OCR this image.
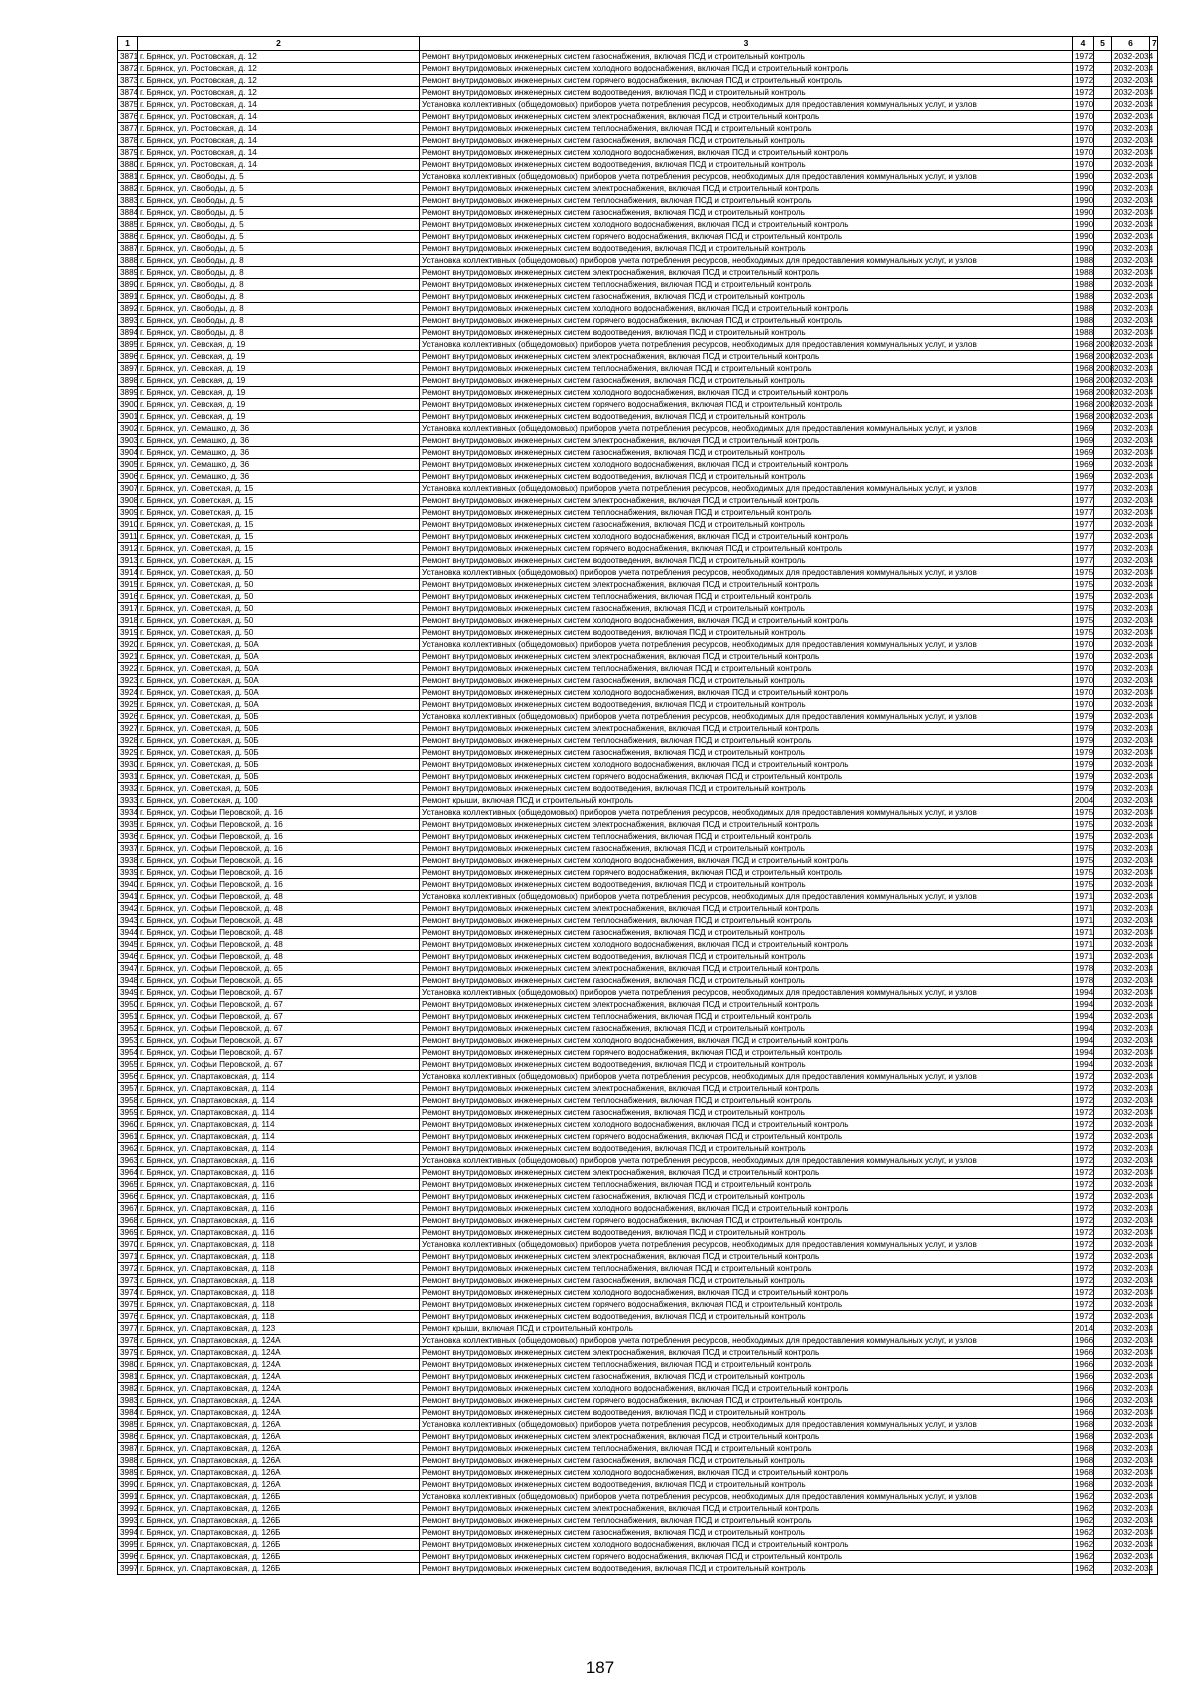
1	2	3	4	5	6	7
3871	г. Брянск, ул. Ростовская, д. 12	Ремонт внутридомовых инженерных систем газоснабжения, включая ПСД и строительный контроль	1972		2032-2034	
3872	г. Брянск, ул. Ростовская, д. 12	Ремонт внутридомовых инженерных систем холодного водоснабжения, включая ПСД и строительный контроль	1972		2032-2034	
3873	г. Брянск, ул. Ростовская, д. 12	Ремонт внутридомовых инженерных систем горячего водоснабжения, включая ПСД и строительный контроль	1972		2032-2034	
3874	г. Брянск, ул. Ростовская, д. 12	Ремонт внутридомовых инженерных систем водоотведения, включая ПСД и строительный контроль	1972		2032-2034	
3875	г. Брянск, ул. Ростовская, д. 14	Установка коллективных (общедомовых) приборов учета потребления ресурсов, необходимых для предоставления коммунальных услуг, и узлов	1970		2032-2034	
3876	г. Брянск, ул. Ростовская, д. 14	Ремонт внутридомовых инженерных систем электроснабжения, включая ПСД и строительный контроль	1970		2032-2034	
3877	г. Брянск, ул. Ростовская, д. 14	Ремонт внутридомовых инженерных систем теплоснабжения, включая ПСД и строительный контроль	1970		2032-2034	
3878	г. Брянск, ул. Ростовская, д. 14	Ремонт внутридомовых инженерных систем газоснабжения, включая ПСД и строительный контроль	1970		2032-2034	
3879	г. Брянск, ул. Ростовская, д. 14	Ремонт внутридомовых инженерных систем холодного водоснабжения, включая ПСД и строительный контроль	1970		2032-2034	
3880	г. Брянск, ул. Ростовская, д. 14	Ремонт внутридомовых инженерных систем водоотведения, включая ПСД и строительный контроль	1970		2032-2034	
3881	г. Брянск, ул. Свободы, д. 5	Установка коллективных (общедомовых) приборов учета потребления ресурсов, необходимых для предоставления коммунальных услуг, и узлов	1990		2032-2034	
3882	г. Брянск, ул. Свободы, д. 5	Ремонт внутридомовых инженерных систем электроснабжения, включая ПСД и строительный контроль	1990		2032-2034	
3883	г. Брянск, ул. Свободы, д. 5	Ремонт внутридомовых инженерных систем теплоснабжения, включая ПСД и строительный контроль	1990		2032-2034	
3884	г. Брянск, ул. Свободы, д. 5	Ремонт внутридомовых инженерных систем газоснабжения, включая ПСД и строительный контроль	1990		2032-2034	
3885	г. Брянск, ул. Свободы, д. 5	Ремонт внутридомовых инженерных систем холодного водоснабжения, включая ПСД и строительный контроль	1990		2032-2034	
3886	г. Брянск, ул. Свободы, д. 5	Ремонт внутридомовых инженерных систем горячего водоснабжения, включая ПСД и строительный контроль	1990		2032-2034	
3887	г. Брянск, ул. Свободы, д. 5	Ремонт внутридомовых инженерных систем водоотведения, включая ПСД и строительный контроль	1990		2032-2034	
3888	г. Брянск, ул. Свободы, д. 8	Установка коллективных (общедомовых) приборов учета потребления ресурсов, необходимых для предоставления коммунальных услуг, и узлов	1988		2032-2034	
3889	г. Брянск, ул. Свободы, д. 8	Ремонт внутридомовых инженерных систем электроснабжения, включая ПСД и строительный контроль	1988		2032-2034	
3890	г. Брянск, ул. Свободы, д. 8	Ремонт внутридомовых инженерных систем теплоснабжения, включая ПСД и строительный контроль	1988		2032-2034	
3891	г. Брянск, ул. Свободы, д. 8	Ремонт внутридомовых инженерных систем газоснабжения, включая ПСД и строительный контроль	1988		2032-2034	
3892	г. Брянск, ул. Свободы, д. 8	Ремонт внутридомовых инженерных систем холодного водоснабжения, включая ПСД и строительный контроль	1988		2032-2034	
3893	г. Брянск, ул. Свободы, д. 8	Ремонт внутридомовых инженерных систем горячего водоснабжения, включая ПСД и строительный контроль	1988		2032-2034	
3894	г. Брянск, ул. Свободы, д. 8	Ремонт внутридомовых инженерных систем водоотведения, включая ПСД и строительный контроль	1988		2032-2034	
3895	г. Брянск, ул. Севская, д. 19	Установка коллективных (общедомовых) приборов учета потребления ресурсов, необходимых для предоставления коммунальных услуг, и узлов	1968	2008	2032-2034	
3896	г. Брянск, ул. Севская, д. 19	Ремонт внутридомовых инженерных систем электроснабжения, включая ПСД и строительный контроль	1968	2008	2032-2034	
3897	г. Брянск, ул. Севская, д. 19	Ремонт внутридомовых инженерных систем теплоснабжения, включая ПСД и строительный контроль	1968	2008	2032-2034	
3898	г. Брянск, ул. Севская, д. 19	Ремонт внутридомовых инженерных систем газоснабжения, включая ПСД и строительный контроль	1968	2008	2032-2034	
3899	г. Брянск, ул. Севская, д. 19	Ремонт внутридомовых инженерных систем холодного водоснабжения, включая ПСД и строительный контроль	1968	2008	2032-2034	
3900	г. Брянск, ул. Севская, д. 19	Ремонт внутридомовых инженерных систем горячего водоснабжения, включая ПСД и строительный контроль	1968	2008	2032-2034	
3901	г. Брянск, ул. Севская, д. 19	Ремонт внутридомовых инженерных систем водоотведения, включая ПСД и строительный контроль	1968	2008	2032-2034	
3902	г. Брянск, ул. Семашко, д. 36	Установка коллективных (общедомовых) приборов учета потребления ресурсов, необходимых для предоставления коммунальных услуг, и узлов	1969		2032-2034	
3903	г. Брянск, ул. Семашко, д. 36	Ремонт внутридомовых инженерных систем электроснабжения, включая ПСД и строительный контроль	1969		2032-2034	
3904	г. Брянск, ул. Семашко, д. 36	Ремонт внутридомовых инженерных систем газоснабжения, включая ПСД и строительный контроль	1969		2032-2034	
3905	г. Брянск, ул. Семашко, д. 36	Ремонт внутридомовых инженерных систем холодного водоснабжения, включая ПСД и строительный контроль	1969		2032-2034	
3906	г. Брянск, ул. Семашко, д. 36	Ремонт внутридомовых инженерных систем водоотведения, включая ПСД и строительный контроль	1969		2032-2034	
3907	г. Брянск, ул. Советская, д. 15	Установка коллективных (общедомовых) приборов учета потребления ресурсов, необходимых для предоставления коммунальных услуг, и узлов	1977		2032-2034	
3908	г. Брянск, ул. Советская, д. 15	Ремонт внутридомовых инженерных систем электроснабжения, включая ПСД и строительный контроль	1977		2032-2034	
3909	г. Брянск, ул. Советская, д. 15	Ремонт внутридомовых инженерных систем теплоснабжения, включая ПСД и строительный контроль	1977		2032-2034	
3910	г. Брянск, ул. Советская, д. 15	Ремонт внутридомовых инженерных систем газоснабжения, включая ПСД и строительный контроль	1977		2032-2034	
3911	г. Брянск, ул. Советская, д. 15	Ремонт внутридомовых инженерных систем холодного водоснабжения, включая ПСД и строительный контроль	1977		2032-2034	
3912	г. Брянск, ул. Советская, д. 15	Ремонт внутридомовых инженерных систем горячего водоснабжения, включая ПСД и строительный контроль	1977		2032-2034	
3913	г. Брянск, ул. Советская, д. 15	Ремонт внутридомовых инженерных систем водоотведения, включая ПСД и строительный контроль	1977		2032-2034	
3914	г. Брянск, ул. Советская, д. 50	Установка коллективных (общедомовых) приборов учета потребления ресурсов, необходимых для предоставления коммунальных услуг, и узлов	1975		2032-2034	
3915	г. Брянск, ул. Советская, д. 50	Ремонт внутридомовых инженерных систем электроснабжения, включая ПСД и строительный контроль	1975		2032-2034	
3916	г. Брянск, ул. Советская, д. 50	Ремонт внутридомовых инженерных систем теплоснабжения, включая ПСД и строительный контроль	1975		2032-2034	
3917	г. Брянск, ул. Советская, д. 50	Ремонт внутридомовых инженерных систем газоснабжения, включая ПСД и строительный контроль	1975		2032-2034	
3918	г. Брянск, ул. Советская, д. 50	Ремонт внутридомовых инженерных систем холодного водоснабжения, включая ПСД и строительный контроль	1975		2032-2034	
3919	г. Брянск, ул. Советская, д. 50	Ремонт внутридомовых инженерных систем водоотведения, включая ПСД и строительный контроль	1975		2032-2034	
3920	г. Брянск, ул. Советская, д. 50А	Установка коллективных (общедомовых) приборов учета потребления ресурсов, необходимых для предоставления коммунальных услуг, и узлов	1970		2032-2034	
3921	г. Брянск, ул. Советская, д. 50А	Ремонт внутридомовых инженерных систем электроснабжения, включая ПСД и строительный контроль	1970		2032-2034	
3922	г. Брянск, ул. Советская, д. 50А	Ремонт внутридомовых инженерных систем теплоснабжения, включая ПСД и строительный контроль	1970		2032-2034	
3923	г. Брянск, ул. Советская, д. 50А	Ремонт внутридомовых инженерных систем газоснабжения, включая ПСД и строительный контроль	1970		2032-2034	
3924	г. Брянск, ул. Советская, д. 50А	Ремонт внутридомовых инженерных систем холодного водоснабжения, включая ПСД и строительный контроль	1970		2032-2034	
3925	г. Брянск, ул. Советская, д. 50А	Ремонт внутридомовых инженерных систем водоотведения, включая ПСД и строительный контроль	1970		2032-2034	
3926	г. Брянск, ул. Советская, д. 50Б	Установка коллективных (общедомовых) приборов учета потребления ресурсов, необходимых для предоставления коммунальных услуг, и узлов	1979		2032-2034	
3927	г. Брянск, ул. Советская, д. 50Б	Ремонт внутридомовых инженерных систем электроснабжения, включая ПСД и строительный контроль	1979		2032-2034	
3928	г. Брянск, ул. Советская, д. 50Б	Ремонт внутридомовых инженерных систем теплоснабжения, включая ПСД и строительный контроль	1979		2032-2034	
3929	г. Брянск, ул. Советская, д. 50Б	Ремонт внутридомовых инженерных систем газоснабжения, включая ПСД и строительный контроль	1979		2032-2034	
3930	г. Брянск, ул. Советская, д. 50Б	Ремонт внутридомовых инженерных систем холодного водоснабжения, включая ПСД и строительный контроль	1979		2032-2034	
3931	г. Брянск, ул. Советская, д. 50Б	Ремонт внутридомовых инженерных систем горячего водоснабжения, включая ПСД и строительный контроль	1979		2032-2034	
3932	г. Брянск, ул. Советская, д. 50Б	Ремонт внутридомовых инженерных систем водоотведения, включая ПСД и строительный контроль	1979		2032-2034	
3933	г. Брянск, ул. Советская, д. 100	Ремонт крыши, включая ПСД и строительный контроль	2004		2032-2034	
3934	г. Брянск, ул. Софьи Перовской, д. 16	Установка коллективных (общедомовых) приборов учета потребления ресурсов, необходимых для предоставления коммунальных услуг, и узлов	1975		2032-2034	
3935	г. Брянск, ул. Софьи Перовской, д. 16	Ремонт внутридомовых инженерных систем электроснабжения, включая ПСД и строительный контроль	1975		2032-2034	
3936	г. Брянск, ул. Софьи Перовской, д. 16	Ремонт внутридомовых инженерных систем теплоснабжения, включая ПСД и строительный контроль	1975		2032-2034	
3937	г. Брянск, ул. Софьи Перовской, д. 16	Ремонт внутридомовых инженерных систем газоснабжения, включая ПСД и строительный контроль	1975		2032-2034	
3938	г. Брянск, ул. Софьи Перовской, д. 16	Ремонт внутридомовых инженерных систем холодного водоснабжения, включая ПСД и строительный контроль	1975		2032-2034	
3939	г. Брянск, ул. Софьи Перовской, д. 16	Ремонт внутридомовых инженерных систем горячего водоснабжения, включая ПСД и строительный контроль	1975		2032-2034	
3940	г. Брянск, ул. Софьи Перовской, д. 16	Ремонт внутридомовых инженерных систем водоотведения, включая ПСД и строительный контроль	1975		2032-2034	
3941	г. Брянск, ул. Софьи Перовской, д. 48	Установка коллективных (общедомовых) приборов учета потребления ресурсов, необходимых для предоставления коммунальных услуг, и узлов	1971		2032-2034	
3942	г. Брянск, ул. Софьи Перовской, д. 48	Ремонт внутридомовых инженерных систем электроснабжения, включая ПСД и строительный контроль	1971		2032-2034	
3943	г. Брянск, ул. Софьи Перовской, д. 48	Ремонт внутридомовых инженерных систем теплоснабжения, включая ПСД и строительный контроль	1971		2032-2034	
3944	г. Брянск, ул. Софьи Перовской, д. 48	Ремонт внутридомовых инженерных систем газоснабжения, включая ПСД и строительный контроль	1971		2032-2034	
3945	г. Брянск, ул. Софьи Перовской, д. 48	Ремонт внутридомовых инженерных систем холодного водоснабжения, включая ПСД и строительный контроль	1971		2032-2034	
3946	г. Брянск, ул. Софьи Перовской, д. 48	Ремонт внутридомовых инженерных систем водоотведения, включая ПСД и строительный контроль	1971		2032-2034	
3947	г. Брянск, ул. Софьи Перовской, д. 65	Ремонт внутридомовых инженерных систем электроснабжения, включая ПСД и строительный контроль	1978		2032-2034	
3948	г. Брянск, ул. Софьи Перовской, д. 65	Ремонт внутридомовых инженерных систем газоснабжения, включая ПСД и строительный контроль	1978		2032-2034	
3949	г. Брянск, ул. Софьи Перовской, д. 67	Установка коллективных (общедомовых) приборов учета потребления ресурсов, необходимых для предоставления коммунальных услуг, и узлов	1994		2032-2034	
3950	г. Брянск, ул. Софьи Перовской, д. 67	Ремонт внутридомовых инженерных систем электроснабжения, включая ПСД и строительный контроль	1994		2032-2034	
3951	г. Брянск, ул. Софьи Перовской, д. 67	Ремонт внутридомовых инженерных систем теплоснабжения, включая ПСД и строительный контроль	1994		2032-2034	
3952	г. Брянск, ул. Софьи Перовской, д. 67	Ремонт внутридомовых инженерных систем газоснабжения, включая ПСД и строительный контроль	1994		2032-2034	
3953	г. Брянск, ул. Софьи Перовской, д. 67	Ремонт внутридомовых инженерных систем холодного водоснабжения, включая ПСД и строительный контроль	1994		2032-2034	
3954	г. Брянск, ул. Софьи Перовской, д. 67	Ремонт внутридомовых инженерных систем горячего водоснабжения, включая ПСД и строительный контроль	1994		2032-2034	
3955	г. Брянск, ул. Софьи Перовской, д. 67	Ремонт внутридомовых инженерных систем водоотведения, включая ПСД и строительный контроль	1994		2032-2034	
3956	г. Брянск, ул. Спартаковская, д. 114	Установка коллективных (общедомовых) приборов учета потребления ресурсов, необходимых для предоставления коммунальных услуг, и узлов	1972		2032-2034	
3957	г. Брянск, ул. Спартаковская, д. 114	Ремонт внутридомовых инженерных систем электроснабжения, включая ПСД и строительный контроль	1972		2032-2034	
3958	г. Брянск, ул. Спартаковская, д. 114	Ремонт внутридомовых инженерных систем теплоснабжения, включая ПСД и строительный контроль	1972		2032-2034	
3959	г. Брянск, ул. Спартаковская, д. 114	Ремонт внутридомовых инженерных систем газоснабжения, включая ПСД и строительный контроль	1972		2032-2034	
3960	г. Брянск, ул. Спартаковская, д. 114	Ремонт внутридомовых инженерных систем холодного водоснабжения, включая ПСД и строительный контроль	1972		2032-2034	
3961	г. Брянск, ул. Спартаковская, д. 114	Ремонт внутридомовых инженерных систем горячего водоснабжения, включая ПСД и строительный контроль	1972		2032-2034	
3962	г. Брянск, ул. Спартаковская, д. 114	Ремонт внутридомовых инженерных систем водоотведения, включая ПСД и строительный контроль	1972		2032-2034	
3963	г. Брянск, ул. Спартаковская, д. 116	Установка коллективных (общедомовых) приборов учета потребления ресурсов, необходимых для предоставления коммунальных услуг, и узлов	1972		2032-2034	
3964	г. Брянск, ул. Спартаковская, д. 116	Ремонт внутридомовых инженерных систем электроснабжения, включая ПСД и строительный контроль	1972		2032-2034	
3965	г. Брянск, ул. Спартаковская, д. 116	Ремонт внутридомовых инженерных систем теплоснабжения, включая ПСД и строительный контроль	1972		2032-2034	
3966	г. Брянск, ул. Спартаковская, д. 116	Ремонт внутридомовых инженерных систем газоснабжения, включая ПСД и строительный контроль	1972		2032-2034	
3967	г. Брянск, ул. Спартаковская, д. 116	Ремонт внутридомовых инженерных систем холодного водоснабжения, включая ПСД и строительный контроль	1972		2032-2034	
3968	г. Брянск, ул. Спартаковская, д. 116	Ремонт внутридомовых инженерных систем горячего водоснабжения, включая ПСД и строительный контроль	1972		2032-2034	
3969	г. Брянск, ул. Спартаковская, д. 116	Ремонт внутридомовых инженерных систем водоотведения, включая ПСД и строительный контроль	1972		2032-2034	
3970	г. Брянск, ул. Спартаковская, д. 118	Установка коллективных (общедомовых) приборов учета потребления ресурсов, необходимых для предоставления коммунальных услуг, и узлов	1972		2032-2034	
3971	г. Брянск, ул. Спартаковская, д. 118	Ремонт внутридомовых инженерных систем электроснабжения, включая ПСД и строительный контроль	1972		2032-2034	
3972	г. Брянск, ул. Спартаковская, д. 118	Ремонт внутридомовых инженерных систем теплоснабжения, включая ПСД и строительный контроль	1972		2032-2034	
3973	г. Брянск, ул. Спартаковская, д. 118	Ремонт внутридомовых инженерных систем газоснабжения, включая ПСД и строительный контроль	1972		2032-2034	
3974	г. Брянск, ул. Спартаковская, д. 118	Ремонт внутридомовых инженерных систем холодного водоснабжения, включая ПСД и строительный контроль	1972		2032-2034	
3975	г. Брянск, ул. Спартаковская, д. 118	Ремонт внутридомовых инженерных систем горячего водоснабжения, включая ПСД и строительный контроль	1972		2032-2034	
3976	г. Брянск, ул. Спартаковская, д. 118	Ремонт внутридомовых инженерных систем водоотведения, включая ПСД и строительный контроль	1972		2032-2034	
3977	г. Брянск, ул. Спартаковская, д. 123	Ремонт крыши, включая ПСД и строительный контроль	2014		2032-2034	
3978	г. Брянск, ул. Спартаковская, д. 124А	Установка коллективных (общедомовых) приборов учета потребления ресурсов, необходимых для предоставления коммунальных услуг, и узлов	1966		2032-2034	
3979	г. Брянск, ул. Спартаковская, д. 124А	Ремонт внутридомовых инженерных систем электроснабжения, включая ПСД и строительный контроль	1966		2032-2034	
3980	г. Брянск, ул. Спартаковская, д. 124А	Ремонт внутридомовых инженерных систем теплоснабжения, включая ПСД и строительный контроль	1966		2032-2034	
3981	г. Брянск, ул. Спартаковская, д. 124А	Ремонт внутридомовых инженерных систем газоснабжения, включая ПСД и строительный контроль	1966		2032-2034	
3982	г. Брянск, ул. Спартаковская, д. 124А	Ремонт внутридомовых инженерных систем холодного водоснабжения, включая ПСД и строительный контроль	1966		2032-2034	
3983	г. Брянск, ул. Спартаковская, д. 124А	Ремонт внутридомовых инженерных систем горячего водоснабжения, включая ПСД и строительный контроль	1966		2032-2034	
3984	г. Брянск, ул. Спартаковская, д. 124А	Ремонт внутридомовых инженерных систем водоотведения, включая ПСД и строительный контроль	1966		2032-2034	
3985	г. Брянск, ул. Спартаковская, д. 126А	Установка коллективных (общедомовых) приборов учета потребления ресурсов, необходимых для предоставления коммунальных услуг, и узлов	1968		2032-2034	
3986	г. Брянск, ул. Спартаковская, д. 126А	Ремонт внутридомовых инженерных систем электроснабжения, включая ПСД и строительный контроль	1968		2032-2034	
3987	г. Брянск, ул. Спартаковская, д. 126А	Ремонт внутридомовых инженерных систем теплоснабжения, включая ПСД и строительный контроль	1968		2032-2034	
3988	г. Брянск, ул. Спартаковская, д. 126А	Ремонт внутридомовых инженерных систем газоснабжения, включая ПСД и строительный контроль	1968		2032-2034	
3989	г. Брянск, ул. Спартаковская, д. 126А	Ремонт внутридомовых инженерных систем холодного водоснабжения, включая ПСД и строительный контроль	1968		2032-2034	
3990	г. Брянск, ул. Спартаковская, д. 126А	Ремонт внутридомовых инженерных систем водоотведения, включая ПСД и строительный контроль	1968		2032-2034	
3991	г. Брянск, ул. Спартаковская, д. 126Б	Установка коллективных (общедомовых) приборов учета потребления ресурсов, необходимых для предоставления коммунальных услуг, и узлов	1962		2032-2034	
3992	г. Брянск, ул. Спартаковская, д. 126Б	Ремонт внутридомовых инженерных систем электроснабжения, включая ПСД и строительный контроль	1962		2032-2034	
3993	г. Брянск, ул. Спартаковская, д. 126Б	Ремонт внутридомовых инженерных систем теплоснабжения, включая ПСД и строительный контроль	1962		2032-2034	
3994	г. Брянск, ул. Спартаковская, д. 126Б	Ремонт внутридомовых инженерных систем газоснабжения, включая ПСД и строительный контроль	1962		2032-2034	
3995	г. Брянск, ул. Спартаковская, д. 126Б	Ремонт внутридомовых инженерных систем холодного водоснабжения, включая ПСД и строительный контроль	1962		2032-2034	
3996	г. Брянск, ул. Спартаковская, д. 126Б	Ремонт внутридомовых инженерных систем горячего водоснабжения, включая ПСД и строительный контроль	1962		2032-2034	
3997	г. Брянск, ул. Спартаковская, д. 126Б	Ремонт внутридомовых инженерных систем водоотведения, включая ПСД и строительный контроль	1962		2032-2034	
187
